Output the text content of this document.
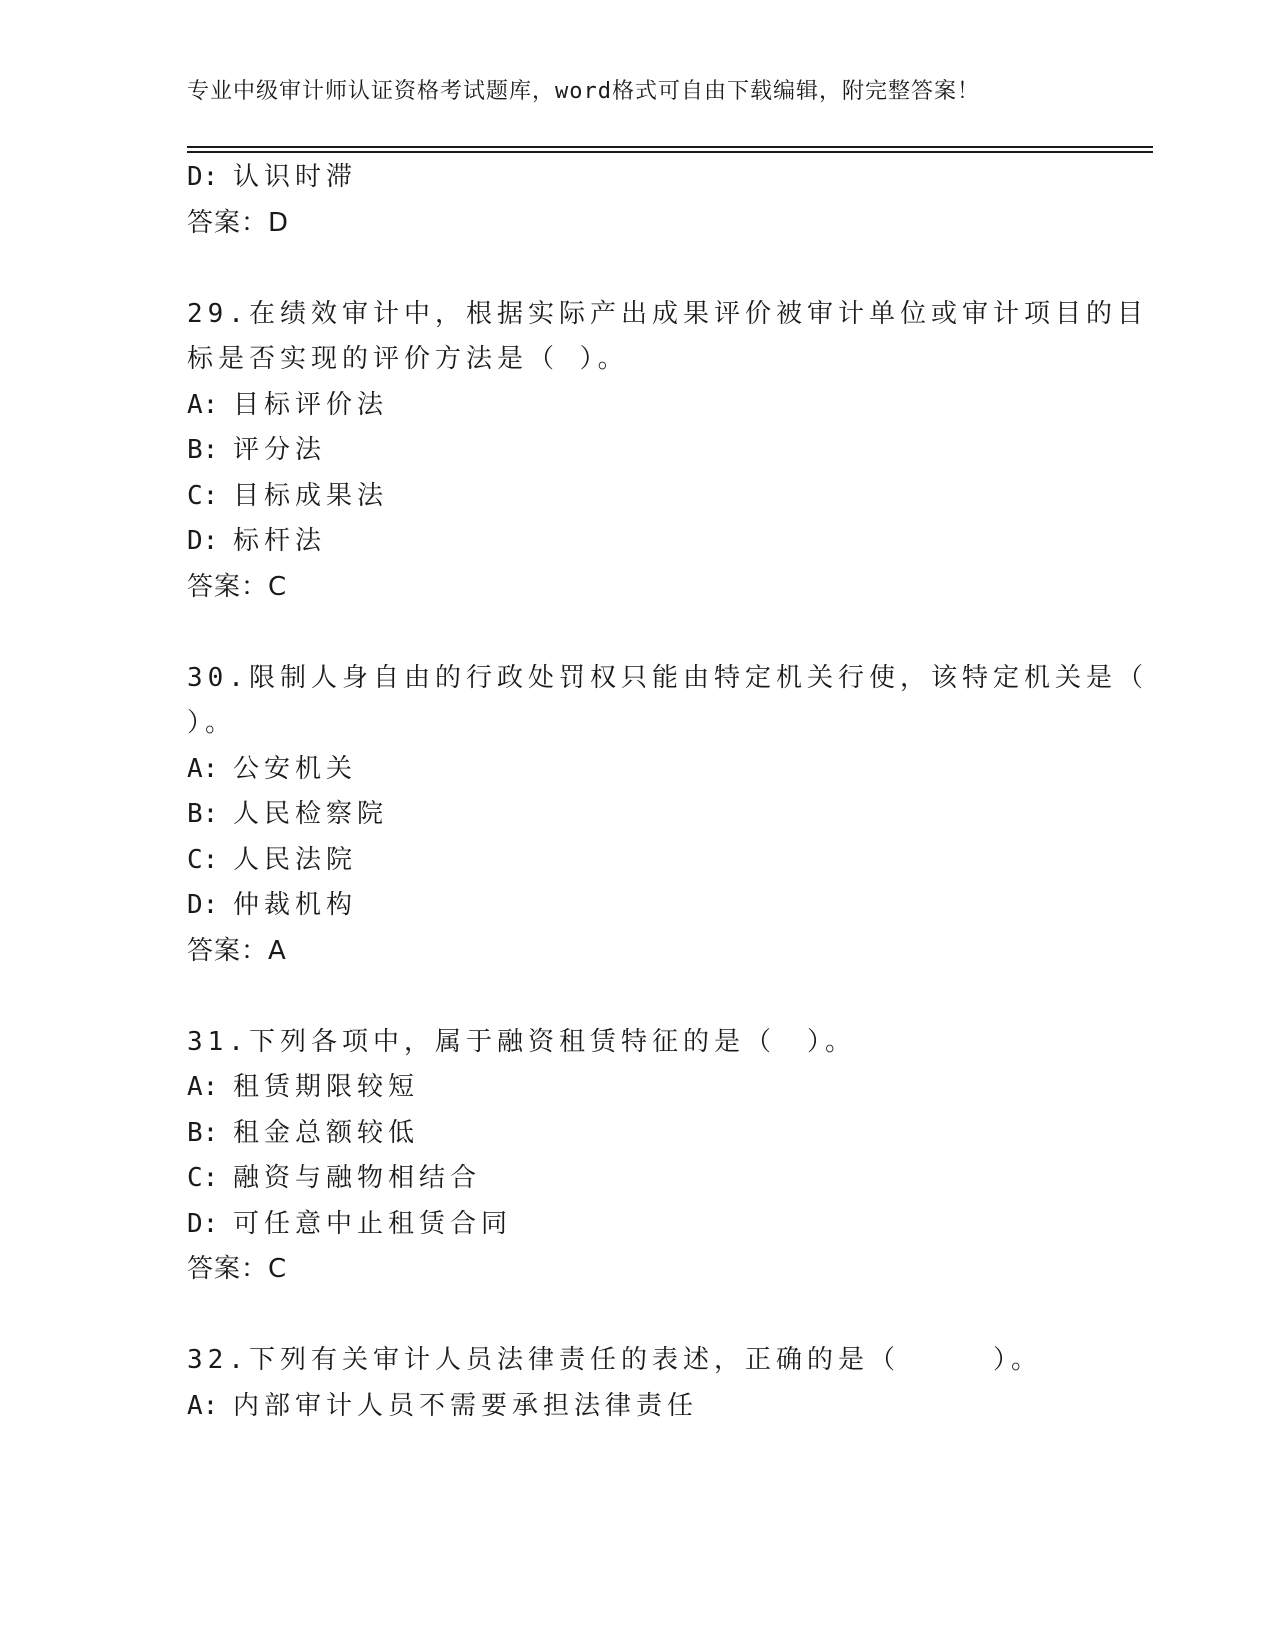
专业中级审计师认证资格考试题库，word格式可自由下载编辑，附完整答案！
D: 认识时滞
答案：D
29.在绩效审计中，根据实际产出成果评价被审计单位或审计项目的目
标是否实现的评价方法是（ ）。
A: 目标评价法
B: 评分法
C: 目标成果法
D: 标杆法
答案：C
30.限制人身自由的行政处罚权只能由特定机关行使，该特定机关是（
）。
A: 公安机关
B: 人民检察院
C: 人民法院
D: 仲裁机构
答案：A
31.下列各项中，属于融资租赁特征的是（　）。
A: 租赁期限较短
B: 租金总额较低
C: 融资与融物相结合
D: 可任意中止租赁合同
答案：C
32.下列有关审计人员法律责任的表述，正确的是（　　　）。
A: 内部审计人员不需要承担法律责任
